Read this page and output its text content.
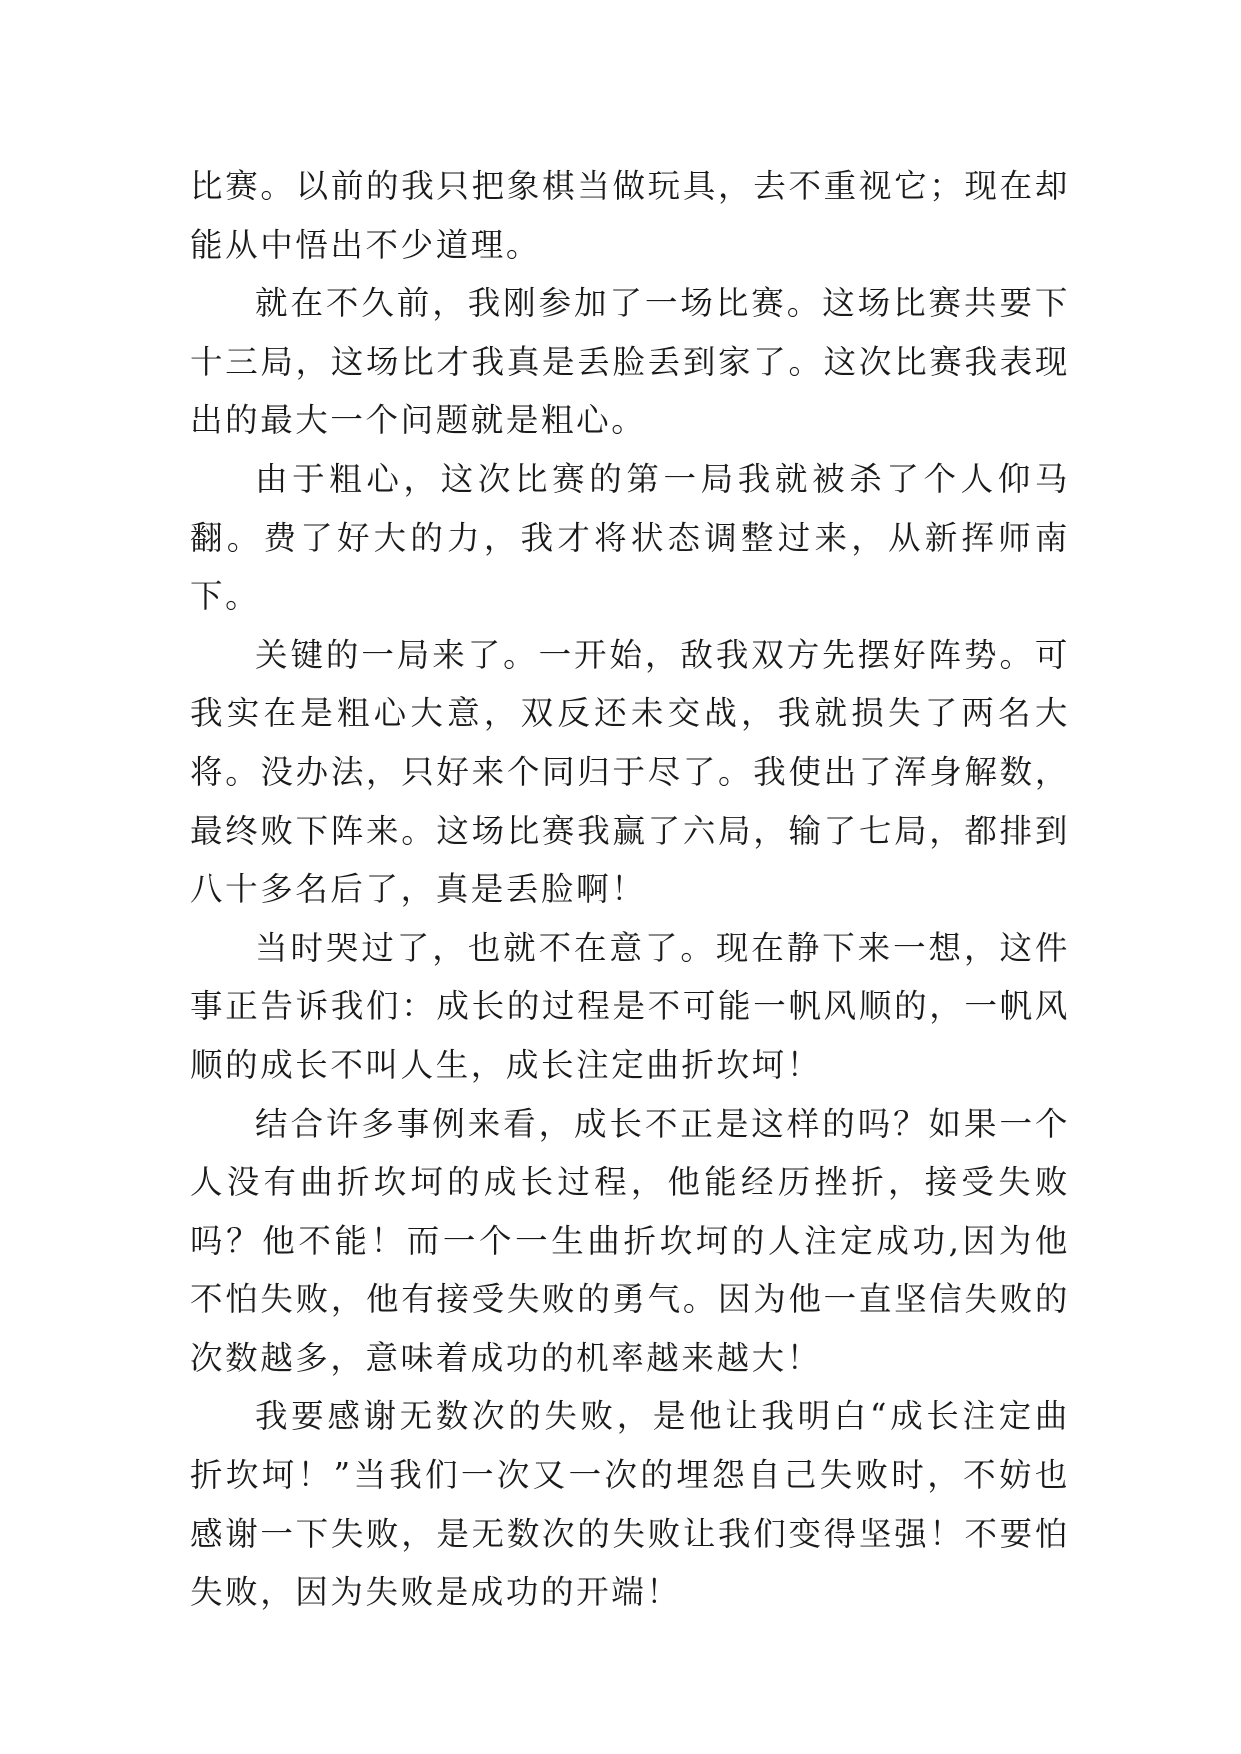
比赛。以前的我只把象棋当做玩具，去不重视它；现在却能从中悟出不少道理。

就在不久前，我刚参加了一场比赛。这场比赛共要下十三局，这场比才我真是丢脸丢到家了。这次比赛我表现出的最大一个问题就是粗心。

由于粗心，这次比赛的第一局我就被杀了个人仰马翻。费了好大的力，我才将状态调整过来，从新挥师南下。

关键的一局来了。一开始，敌我双方先摆好阵势。可我实在是粗心大意，双反还未交战，我就损失了两名大将。没办法，只好来个同归于尽了。我使出了浑身解数，最终败下阵来。这场比赛我赢了六局，输了七局，都排到八十多名后了，真是丢脸啊！

当时哭过了，也就不在意了。现在静下来一想，这件事正告诉我们：成长的过程是不可能一帆风顺的，一帆风顺的成长不叫人生，成长注定曲折坎坷！

结合许多事例来看，成长不正是这样的吗？如果一个人没有曲折坎坷的成长过程，他能经历挫折，接受失败吗？他不能！而一个一生曲折坎坷的人注定成功,因为他不怕失败，他有接受失败的勇气。因为他一直坚信失败的次数越多，意味着成功的机率越来越大！

我要感谢无数次的失败，是他让我明白“成长注定曲折坎坷！”当我们一次又一次的埋怨自己失败时，不妨也感谢一下失败，是无数次的失败让我们变得坚强！不要怕失败，因为失败是成功的开端！
